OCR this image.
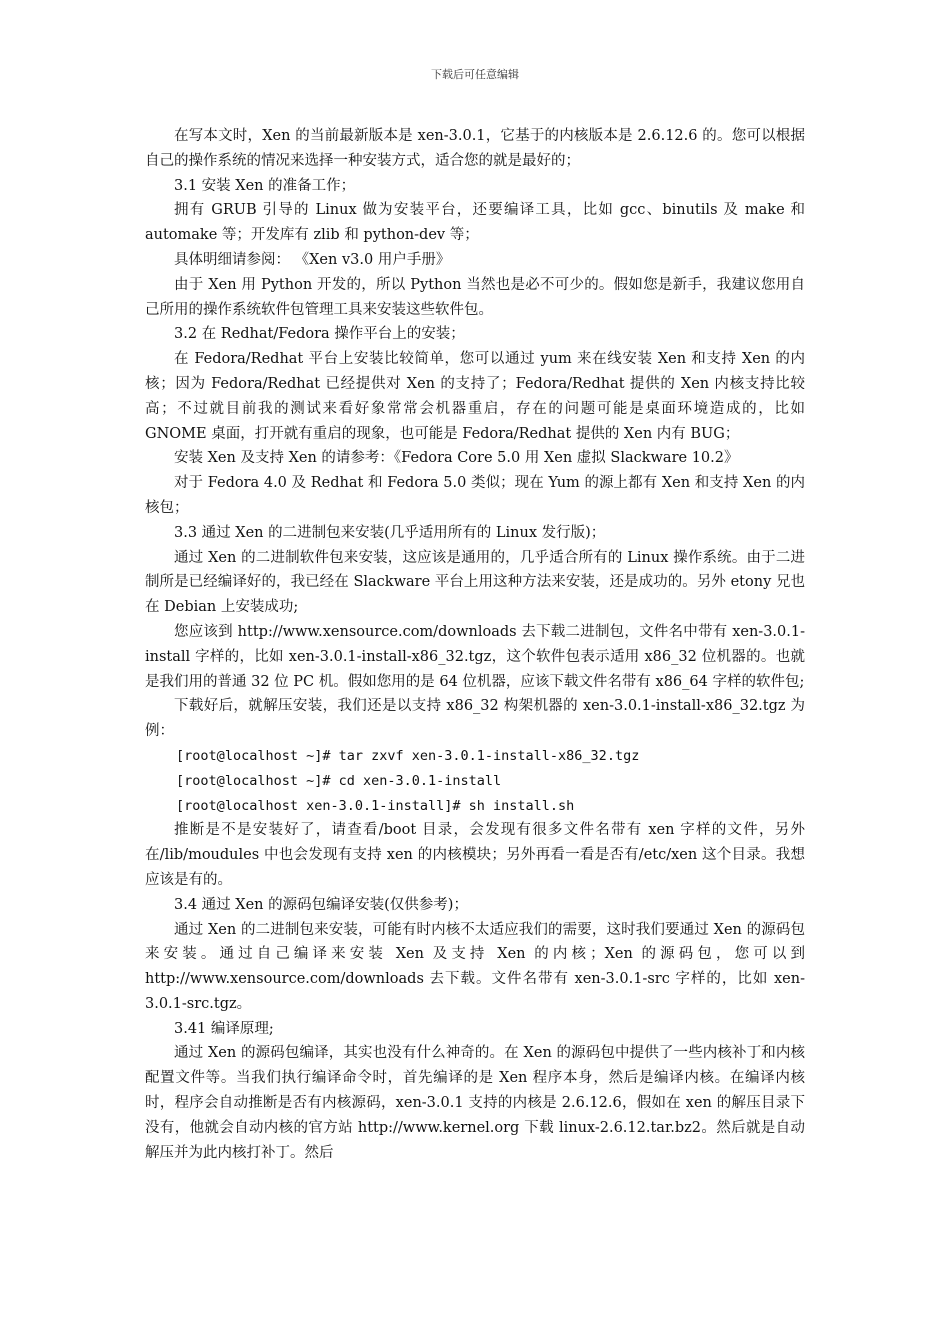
下载后可任意编辑

在写本文时，Xen 的当前最新版本是 xen-3.0.1，它基于的内核版本是 2.6.12.6 的。您可以根据自己的操作系统的情况来选择一种安装方式，适合您的就是最好的；

3.1 安装 Xen 的准备工作；

拥有 GRUB 引导的 Linux 做为安装平台，还要编译工具，比如 gcc、binutils 及 make 和 automake 等；开发库有 zlib 和 python-dev 等；

具体明细请参阅： 《Xen v3.0 用户手册》

由于 Xen 用 Python 开发的，所以 Python 当然也是必不可少的。假如您是新手，我建议您用自己所用的操作系统软件包管理工具来安装这些软件包。

3.2 在 Redhat/Fedora 操作平台上的安装；

在 Fedora/Redhat 平台上安装比较简单，您可以通过 yum 来在线安装 Xen 和支持 Xen 的内核；因为 Fedora/Redhat 已经提供对 Xen 的支持了；Fedora/Redhat 提供的 Xen 内核支持比较高；不过就目前我的测试来看好象常常会机器重启，存在的问题可能是桌面环境造成的，比如 GNOME 桌面，打开就有重启的现象，也可能是 Fedora/Redhat 提供的 Xen 内有 BUG；

安装 Xen 及支持 Xen 的请参考：《Fedora Core 5.0 用 Xen 虚拟 Slackware 10.2》

对于 Fedora 4.0 及 Redhat 和 Fedora 5.0 类似；现在 Yum 的源上都有 Xen 和支持 Xen 的内核包；

3.3 通过 Xen 的二进制包来安装(几乎适用所有的 Linux 发行版)；

通过 Xen 的二进制软件包来安装，这应该是通用的，几乎适合所有的 Linux 操作系统。由于二进制所是已经编译好的，我已经在 Slackware 平台上用这种方法来安装，还是成功的。另外 etony 兄也在 Debian 上安装成功;

您应该到 http://www.xensource.com/downloads 去下载二进制包，文件名中带有 xen-3.0.1-install 字样的，比如 xen-3.0.1-install-x86_32.tgz，这个软件包表示适用 x86_32 位机器的。也就是我们用的普通 32 位 PC 机。假如您用的是 64 位机器，应该下载文件名带有 x86_64 字样的软件包;

下载好后，就解压安装，我们还是以支持 x86_32 构架机器的 xen-3.0.1-install-x86_32.tgz 为例：

[root@localhost ~]# tar zxvf xen-3.0.1-install-x86_32.tgz

[root@localhost ~]# cd xen-3.0.1-install

[root@localhost xen-3.0.1-install]# sh install.sh

推断是不是安装好了，请查看/boot 目录，会发现有很多文件名带有 xen 字样的文件，另外在/lib/moudules 中也会发现有支持 xen 的内核模块；另外再看一看是否有/etc/xen 这个目录。我想应该是有的。

3.4 通过 Xen 的源码包编译安装(仅供参考)；

通过 Xen 的二进制包来安装，可能有时内核不太适应我们的需要，这时我们要通过 Xen 的源码包来安装。通过自己编译来安装 Xen 及支持 Xen 的内核；Xen 的源码包，您可以到 http://www.xensource.com/downloads 去下载。文件名带有 xen-3.0.1-src 字样的，比如 xen-3.0.1-src.tgz。

3.41 编译原理;

通过 Xen 的源码包编译，其实也没有什么神奇的。在 Xen 的源码包中提供了一些内核补丁和内核配置文件等。当我们执行编译命令时，首先编译的是 Xen 程序本身，然后是编译内核。在编译内核时，程序会自动推断是否有内核源码，xen-3.0.1 支持的内核是 2.6.12.6，假如在 xen 的解压目录下没有，他就会自动内核的官方站 http://www.kernel.org 下载 linux-2.6.12.tar.bz2。然后就是自动解压并为此内核打补丁。然后
